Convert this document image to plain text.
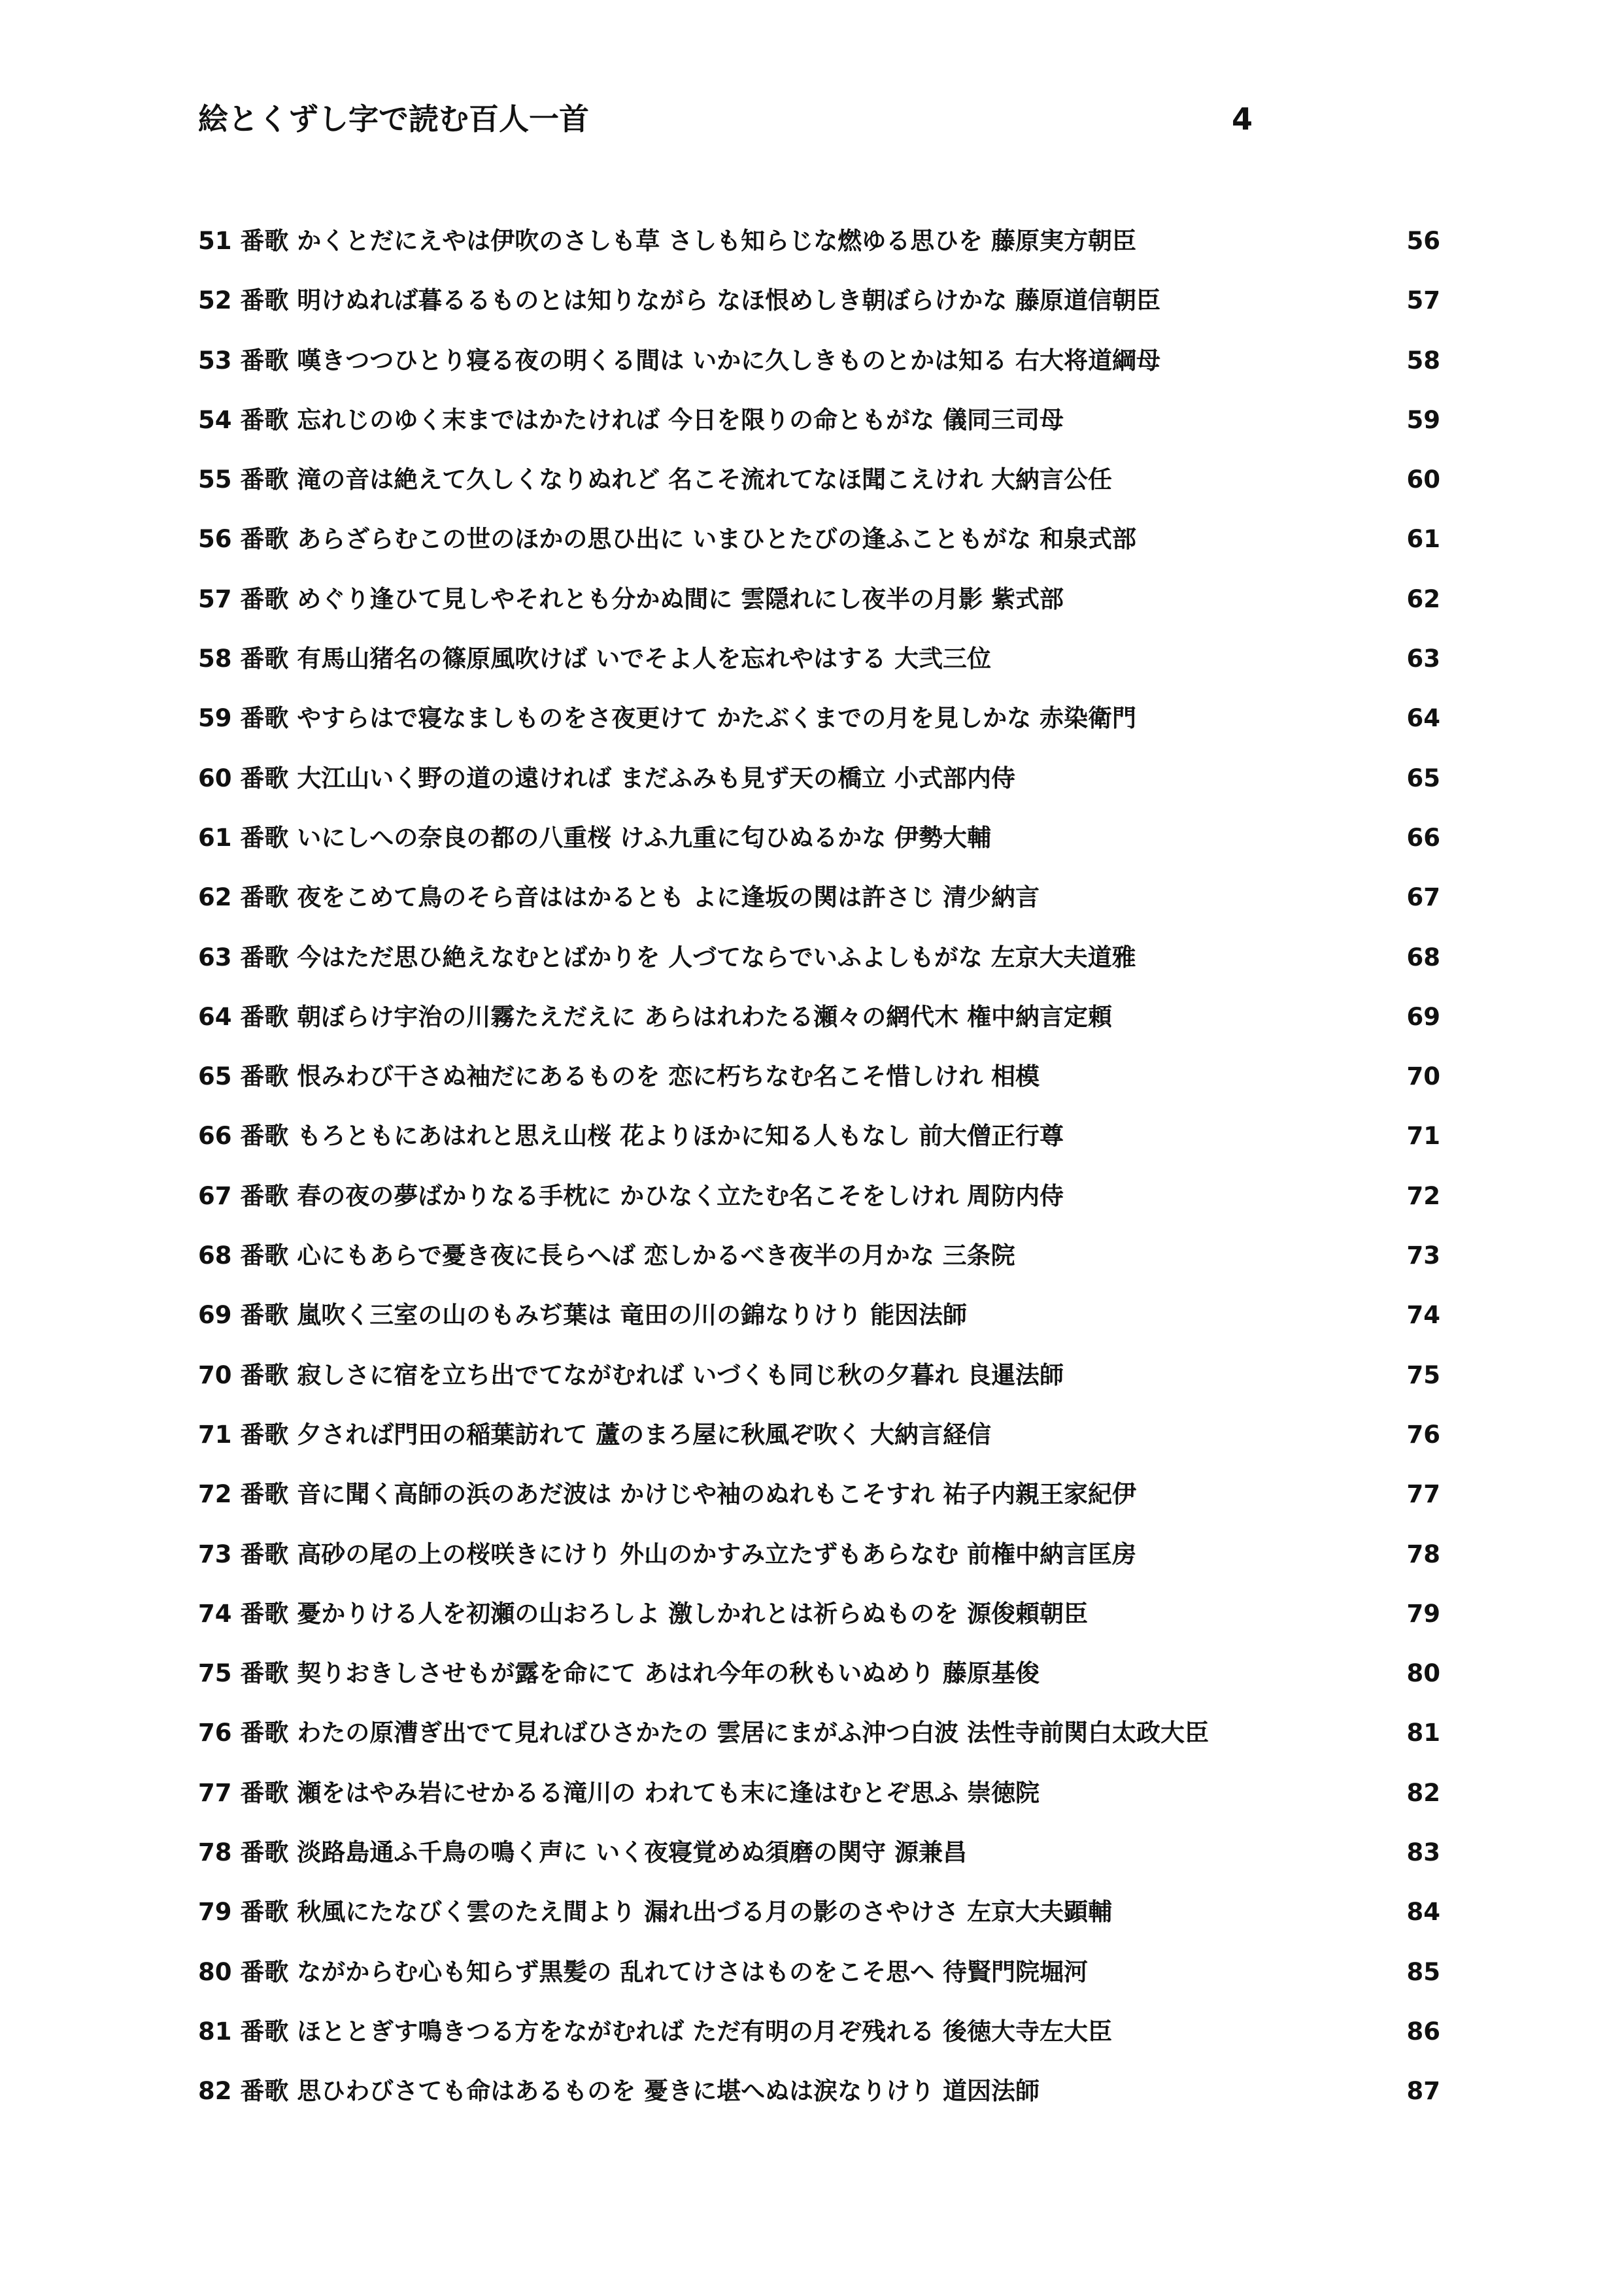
絵とくずし字で読む百人一首	4
51 番歌 かくとだにえやは伊吹のさしも草 さしも知らじな燃ゆる思ひを 藤原実方朝臣	56
52 番歌 明けぬれば暮るるものとは知りながら なほ恨めしき朝ぼらけかな 藤原道信朝臣	57
53 番歌 嘆きつつひとり寝る夜の明くる間は いかに久しきものとかは知る 右大将道綱母	58
54 番歌 忘れじのゆく末まではかたければ 今日を限りの命ともがな 儀同三司母	59
55 番歌 滝の音は絶えて久しくなりぬれど 名こそ流れてなほ聞こえけれ 大納言公任	60
56 番歌 あらざらむこの世のほかの思ひ出に いまひとたびの逢ふこともがな 和泉式部	61
57 番歌 めぐり逢ひて見しやそれとも分かぬ間に 雲隠れにし夜半の月影 紫式部	62
58 番歌 有馬山猪名の篠原風吹けば いでそよ人を忘れやはする 大弐三位	63
59 番歌 やすらはで寝なましものをさ夜更けて かたぶくまでの月を見しかな 赤染衛門	64
60 番歌 大江山いく野の道の遠ければ まだふみも見ず天の橋立 小式部内侍	65
61 番歌 いにしへの奈良の都の八重桜 けふ九重に匂ひぬるかな 伊勢大輔	66
62 番歌 夜をこめて鳥のそら音ははかるとも よに逢坂の関は許さじ 清少納言	67
63 番歌 今はただ思ひ絶えなむとばかりを 人づてならでいふよしもがな 左京大夫道雅	68
64 番歌 朝ぼらけ宇治の川霧たえだえに あらはれわたる瀬々の網代木 権中納言定頼	69
65 番歌 恨みわび干さぬ袖だにあるものを 恋に朽ちなむ名こそ惜しけれ 相模	70
66 番歌 もろともにあはれと思え山桜 花よりほかに知る人もなし 前大僧正行尊	71
67 番歌 春の夜の夢ばかりなる手枕に かひなく立たむ名こそをしけれ 周防内侍	72
68 番歌 心にもあらで憂き夜に長らへば 恋しかるべき夜半の月かな 三条院	73
69 番歌 嵐吹く三室の山のもみぢ葉は 竜田の川の錦なりけり 能因法師	74
70 番歌 寂しさに宿を立ち出でてながむれば いづくも同じ秋の夕暮れ 良暹法師	75
71 番歌 夕されば門田の稲葉訪れて 蘆のまろ屋に秋風ぞ吹く 大納言経信	76
72 番歌 音に聞く高師の浜のあだ波は かけじや袖のぬれもこそすれ 祐子内親王家紀伊	77
73 番歌 高砂の尾の上の桜咲きにけり 外山のかすみ立たずもあらなむ 前権中納言匡房	78
74 番歌 憂かりける人を初瀬の山おろしよ 激しかれとは祈らぬものを 源俊頼朝臣	79
75 番歌 契りおきしさせもが露を命にて あはれ今年の秋もいぬめり 藤原基俊	80
76 番歌 わたの原漕ぎ出でて見ればひさかたの 雲居にまがふ沖つ白波 法性寺前関白太政大臣	81
77 番歌 瀬をはやみ岩にせかるる滝川の われても末に逢はむとぞ思ふ 崇徳院	82
78 番歌 淡路島通ふ千鳥の鳴く声に いく夜寝覚めぬ須磨の関守 源兼昌	83
79 番歌 秋風にたなびく雲のたえ間より 漏れ出づる月の影のさやけさ 左京大夫顕輔	84
80 番歌 ながからむ心も知らず黒髪の 乱れてけさはものをこそ思へ 待賢門院堀河	85
81 番歌 ほととぎす鳴きつる方をながむれば ただ有明の月ぞ残れる 後徳大寺左大臣	86
82 番歌 思ひわびさても命はあるものを 憂きに堪へぬは涙なりけり 道因法師	87
